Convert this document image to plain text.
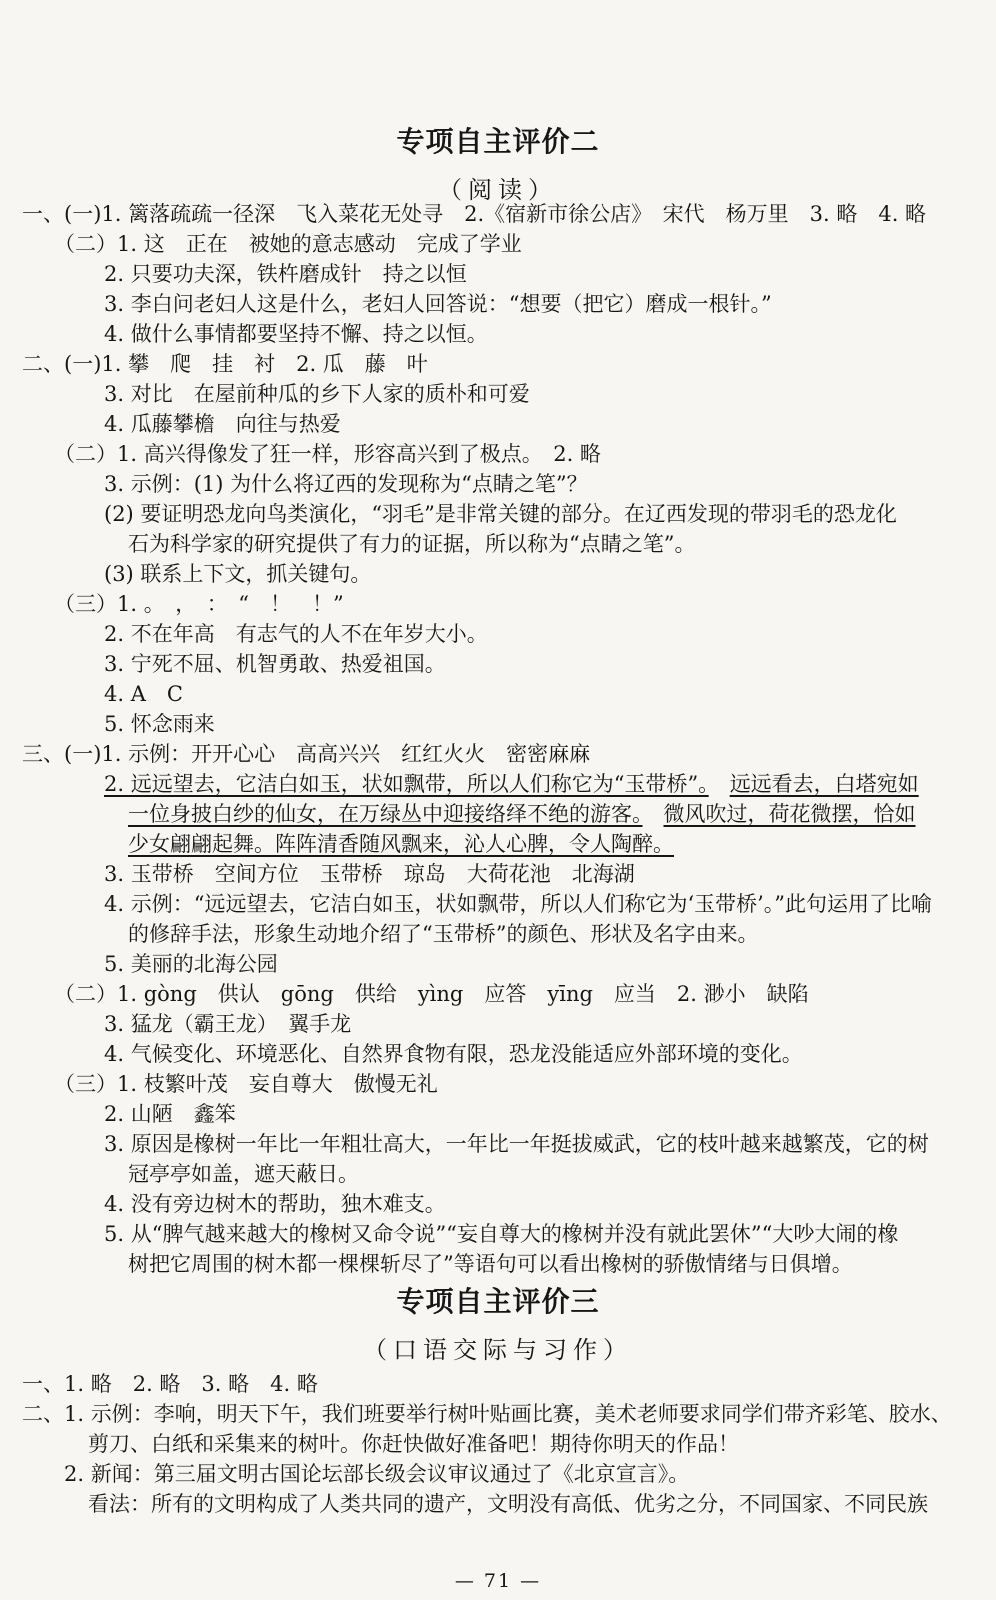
专项自主评价二
（阅读）
一、(一)1. 篱落疏疏一径深　飞入菜花无处寻　2.《宿新市徐公店》　宋代　杨万里　3. 略　4. 略
（二）1. 这　正在　被她的意志感动　完成了学业
2. 只要功夫深，铁杵磨成针　持之以恒
3. 李白问老妇人这是什么，老妇人回答说：“想要（把它）磨成一根针。”
4. 做什么事情都要坚持不懈、持之以恒。
二、(一)1. 攀　爬　挂　衬　2. 瓜　藤　叶
3. 对比　在屋前种瓜的乡下人家的质朴和可爱
4. 瓜藤攀檐　向往与热爱
（二）1. 高兴得像发了狂一样，形容高兴到了极点。　2. 略
3. 示例：(1) 为什么将辽西的发现称为“点睛之笔”？
(2) 要证明恐龙向鸟类演化，“羽毛”是非常关键的部分。在辽西发现的带羽毛的恐龙化
石为科学家的研究提供了有力的证据，所以称为“点睛之笔”。
(3) 联系上下文，抓关键句。
（三）1. 。　，　：　“　！　！”
2. 不在年高　有志气的人不在年岁大小。
3. 宁死不屈、机智勇敢、热爱祖国。
4. A　C
5. 怀念雨来
三、(一)1. 示例：开开心心　高高兴兴　红红火火　密密麻麻
2. 远远望去，它洁白如玉，状如飘带，所以人们称它为“玉带桥”。　 远远看去，白塔宛如
一位身披白纱的仙女，在万绿丛中迎接络绎不绝的游客。　 微风吹过，荷花微摆，恰如
少女翩翩起舞。阵阵清香随风飘来，沁人心脾，令人陶醉。
3. 玉带桥　空间方位　玉带桥　琼岛　大荷花池　北海湖
4. 示例：“远远望去，它洁白如玉，状如飘带，所以人们称它为‘玉带桥’。”此句运用了比喻
的修辞手法，形象生动地介绍了“玉带桥”的颜色、形状及名字由来。
5. 美丽的北海公园
（二）1. gòng　供认　gōng　供给　yìng　应答　yīng　应当　2. 渺小　缺陷
3. 猛龙（霸王龙）　翼手龙
4. 气候变化、环境恶化、自然界食物有限，恐龙没能适应外部环境的变化。
（三）1. 枝繁叶茂　妄自尊大　傲慢无礼
2. 山陋　鑫笨
3. 原因是橡树一年比一年粗壮高大，一年比一年挺拔威武，它的枝叶越来越繁茂，它的树
冠亭亭如盖，遮天蔽日。
4. 没有旁边树木的帮助，独木难支。
5. 从“脾气越来越大的橡树又命令说”“妄自尊大的橡树并没有就此罢休”“大吵大闹的橡
树把它周围的树木都一棵棵斩尽了”等语句可以看出橡树的骄傲情绪与日俱增。
专项自主评价三
（口语交际与习作）
一、1. 略　2. 略　3. 略　4. 略
二、1. 示例：李响，明天下午，我们班要举行树叶贴画比赛，美术老师要求同学们带齐彩笔、胶水、
剪刀、白纸和采集来的树叶。你赶快做好准备吧！期待你明天的作品！
2. 新闻：第三届文明古国论坛部长级会议审议通过了《北京宣言》。
看法：所有的文明构成了人类共同的遗产，文明没有高低、优劣之分，不同国家、不同民族
— 71 —
